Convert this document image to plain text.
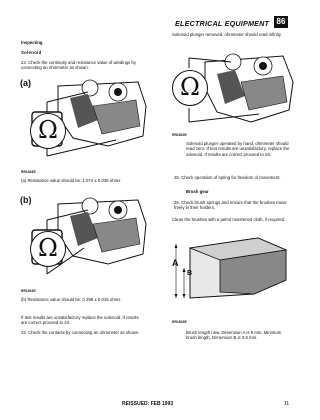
ELECTRICAL EQUIPMENT 86
Inspecting
Solenoid
23. Check the continuity and resistance value of windings by connecting an ohmmeter as shown.
(a)
Ω
RR1816E
(a) Resistance value should be: 1.074 ± 0.035 ohms
(b)
Ω
RR1816E
(b) Resistance value should be: 0.298 ± 0.015 ohms
If test results are unsatisfactory replace the solenoid. If results are correct proceed to 24.
24. Check the contacts by connecting an ohmmeter as shown.
Solenoid plunger removed, ohmmeter should read infinity.
Ω
RR1819E
Solenoid plunger operated by hand, ohmmeter should read zero. If test results are unsatisfactory, replace the solenoid. If results are correct proceed to 25.
25. Check operation of spring for freedom of movement.
Brush gear
26. Check brush springs and ensure that the brushes move freely in their holders.
Clean the brushes with a petrol moistened cloth, if required.
A
B
RR1815E
Brush length new, Dimension A is 9 mm. Minimum brush length, Dimension B is 3.5 mm.
REISSUED: FEB 1993	11
